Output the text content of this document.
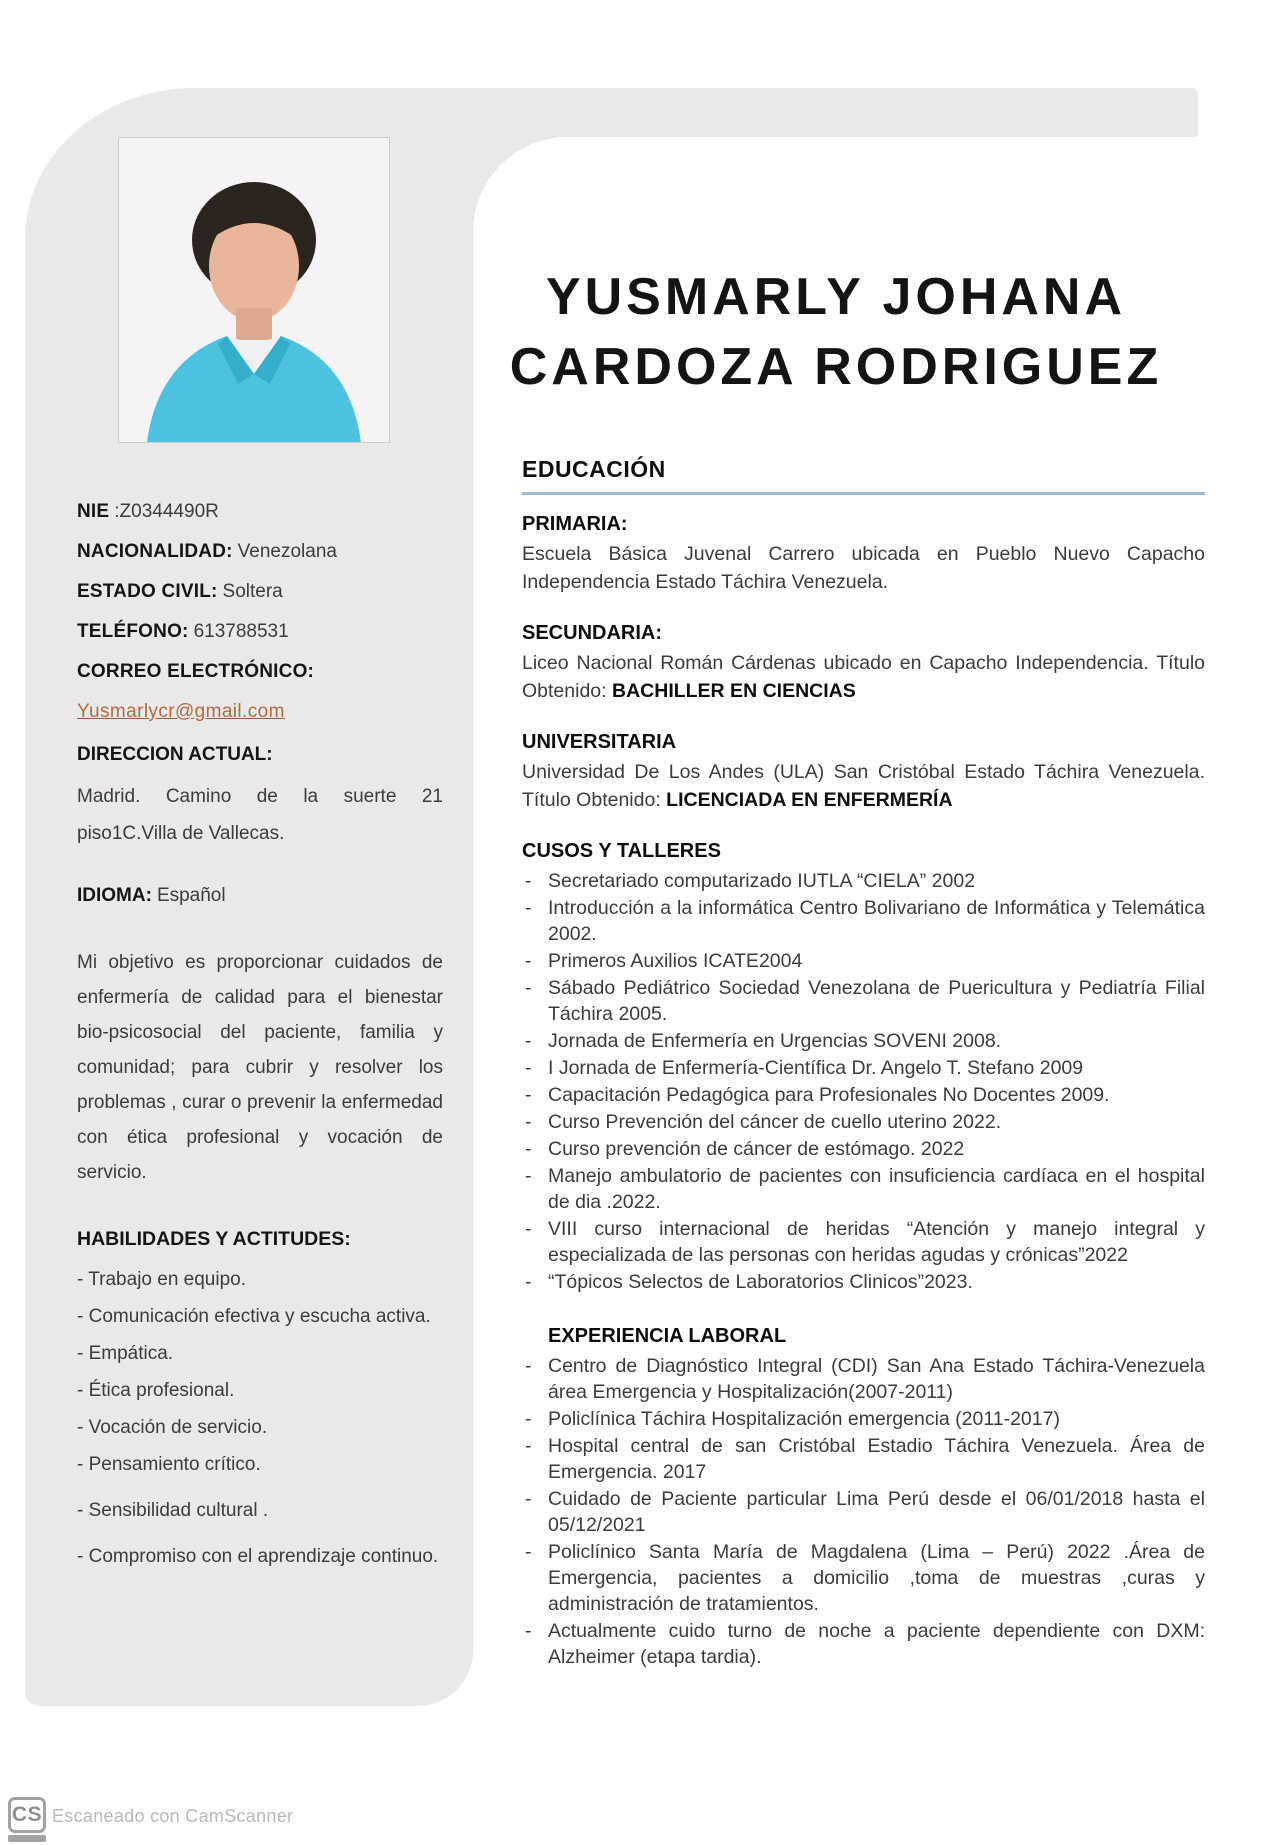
NIE :Z0344490R
NACIONALIDAD: Venezolana
ESTADO CIVIL: Soltera
TELÉFONO: 613788531
CORREO ELECTRÓNICO:
Yusmarlycr@gmail.com
DIRECCION ACTUAL:

Madrid. Camino de la suerte 21 piso1C.Villa de Vallecas.

IDIOMA: Español

Mi objetivo es proporcionar cuidados de enfermería de calidad para el bienestar bio-psicosocial del paciente, familia y comunidad; para cubrir y resolver los problemas , curar o prevenir la enfermedad con ética profesional y vocación de servicio.

HABILIDADES Y ACTITUDES:
- Trabajo en equipo.
- Comunicación efectiva y escucha activa.
- Empática.
- Ética profesional.
- Vocación de servicio.
- Pensamiento crítico.
- Sensibilidad cultural .
- Compromiso con el aprendizaje continuo.
YUSMARLY JOHANA
CARDOZA RODRIGUEZ
EDUCACIÓN
PRIMARIA:

Escuela Básica Juvenal Carrero ubicada en Pueblo Nuevo Capacho Independencia Estado Táchira Venezuela.

SECUNDARIA:

Liceo Nacional Román Cárdenas ubicado en Capacho Independencia. Título Obtenido: BACHILLER EN CIENCIAS

UNIVERSITARIA

Universidad De Los Andes (ULA) San Cristóbal Estado Táchira Venezuela. Título Obtenido: LICENCIADA EN ENFERMERÍA

CUSOS Y TALLERES
- Secretariado computarizado IUTLA “CIELA” 2002
- Introducción a la informática Centro Bolivariano de Informática y Telemática 2002.
- Primeros Auxilios ICATE2004
- Sábado Pediátrico Sociedad Venezolana de Puericultura y Pediatría Filial Táchira 2005.
- Jornada de Enfermería en Urgencias SOVENI 2008.
- I Jornada de Enfermería-Científica Dr. Angelo T. Stefano 2009
- Capacitación Pedagógica para Profesionales No Docentes 2009.
- Curso Prevención del cáncer de cuello uterino 2022.
- Curso prevención de cáncer de estómago. 2022
- Manejo ambulatorio de pacientes con insuficiencia cardíaca en el hospital de dia .2022.
- VIII curso internacional de heridas “Atención y manejo integral y especializada de las personas con heridas agudas y crónicas”2022
- “Tópicos Selectos de Laboratorios Clinicos”2023.
EXPERIENCIA LABORAL
- Centro de Diagnóstico Integral (CDI) San Ana Estado Táchira-Venezuela área Emergencia y Hospitalización(2007-2011)
- Policlínica Táchira Hospitalización emergencia (2011-2017)
- Hospital central de san Cristóbal Estadio Táchira Venezuela. Área de Emergencia. 2017
- Cuidado de Paciente particular Lima Perú desde el 06/01/2018 hasta el 05/12/2021
- Policlínico Santa María de Magdalena (Lima – Perú) 2022 .Área de Emergencia, pacientes a domicilio ,toma de muestras ,curas y administración de tratamientos.
- Actualmente cuido turno de noche a paciente dependiente con DXM: Alzheimer (etapa tardia).
CS Escaneado con CamScanner
